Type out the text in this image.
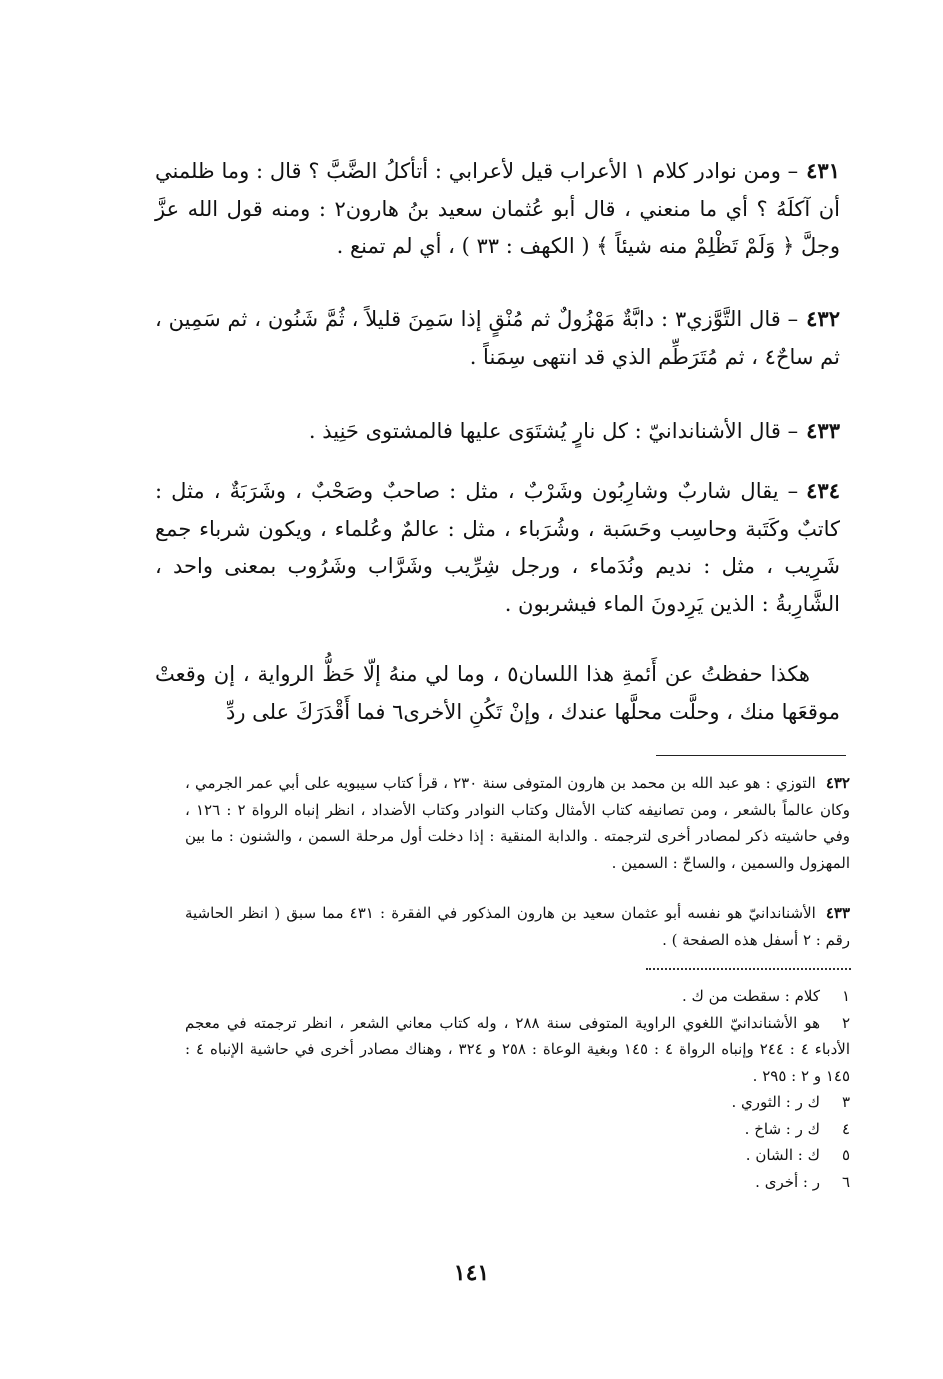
٤٣١– ومن نوادر كلام ١ الأعراب قيل لأعرابي : أتأكلُ الضَّبَّ ؟ قال : وما ظلمني أن آكلَهُ ؟ أي ما منعني ، قال أبو عُثمان سعيد بنُ هارون٢ : ومنه قول الله عزَّ وجلَّ ﴿ وَلَمْ تَظْلِمْ منه شيئاً ﴾ ( الكهف : ٣٣ ) ، أي لم تمنع .

٤٣٢– قال التَّوَّزي٣ : دابَّةٌ مَهْزُولٌ ثم مُنْقٍ إذا سَمِنَ قليلاً ، ثُمَّ شَنُون ، ثم سَمِين ، ثم ساحٌ٤ ، ثم مُتَرَطِّم الذي قد انتهى سِمَناً .

٤٣٣– قال الأشناندانيّ : كل نارٍ يُشتَوَى عليها فالمشتوى حَنِيذ .

٤٣٤– يقال شاربٌ وشارِبُون وشَرْبٌ ، مثل : صاحبٌ وصَحْبٌ ، وشَرَبَةٌ ، مثل : كاتبٌ وكَتَبة وحاسِب وحَسَبة ، وشُرَباء ، مثل : عالمٌ وعُلماء ، ويكون شرباء جمع شَرِيب ، مثل : نديم ونُدَماء ، ورجل شِرِّيب وشَرَّاب وشَرُوب بمعنى واحد ، الشَّارِبةُ : الذين يَرِدونَ الماء فيشربون .

هكذا حفظتُ عن أَئمةِ هذا اللسان٥ ، وما لي منهُ إلّا حَظُّ الرواية ، إن وقعتْ موقعَها منك ، وحلَّت محلَّها عندك ، وإنْ تَكُنِ الأخرى٦ فما أَقْدَرَكَ على ردِّ

٤٣٢التوزي : هو عبد الله بن محمد بن هارون المتوفى سنة ٢٣٠ ، قرأ كتاب سيبويه على أبي عمر الجرمي ، وكان عالماً بالشعر ، ومن تصانيفه كتاب الأمثال وكتاب النوادر وكتاب الأضداد ، انظر إنباه الرواة ٢ : ١٢٦ ، وفي حاشيته ذكر لمصادر أخرى لترجمته . والدابة المنقية : إذا دخلت أول مرحلة السمن ، والشنون : ما بين المهزول والسمين ، والساحّ : السمين .

٤٣٣الأشناندانيّ هو نفسه أبو عثمان سعيد بن هارون المذكور في الفقرة : ٤٣١ مما سبق ( انظر الحاشية رقم : ٢ أسفل هذه الصفحة ) .

١كلام : سقطت من ك .
٢هو الأشناندانيّ اللغوي الراوية المتوفى سنة ٢٨٨ ، وله كتاب معاني الشعر ، انظر ترجمته في معجم الأدباء ٤ : ٢٤٤ وإنباه الرواة ٤ : ١٤٥ وبغية الوعاة : ٢٥٨ و ٣٢٤ ، وهناك مصادر أخرى في حاشية الإنباه ٤ : ١٤٥ و ٢ : ٢٩٥ .
٣ك ر : الثوري .
٤ك ر : شاخ .
٥ك : الشان .
٦ر : أخرى .
١٤١
